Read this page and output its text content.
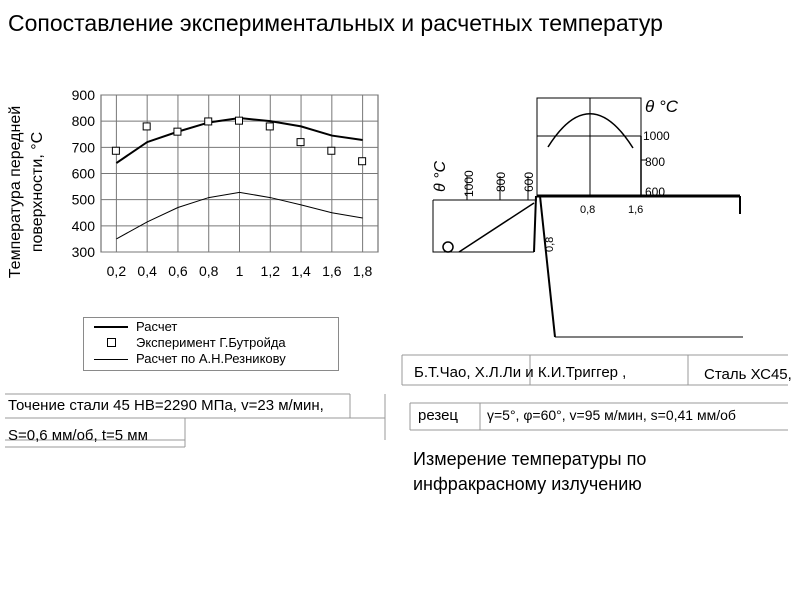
Сопоставление экспериментальных и расчетных температур
300
400
500
600
700
800
900
0,2 0,4 0,6 0,8 1 1,2 1,4 1,6 1,8
Температура передней поверхности, °С
Расчет
Эксперимент Г.Бутройда
Расчет по А.Н.Резникову
Точение стали 45 НВ=2290 МПа, v=23 м/мин,
S=0,6 мм/об, t=5 мм
θ °С
1000
800
600
0,8	1,6
1000 800 600
θ °С
0,8
Б.Т.Чао, Х.Л.Ли и К.И.Триггер ,	Сталь ХС45,
резец γ=5°, φ=60°, v=95 м/мин, s=0,41 мм/об
Измерение температуры по инфракрасному излучению
